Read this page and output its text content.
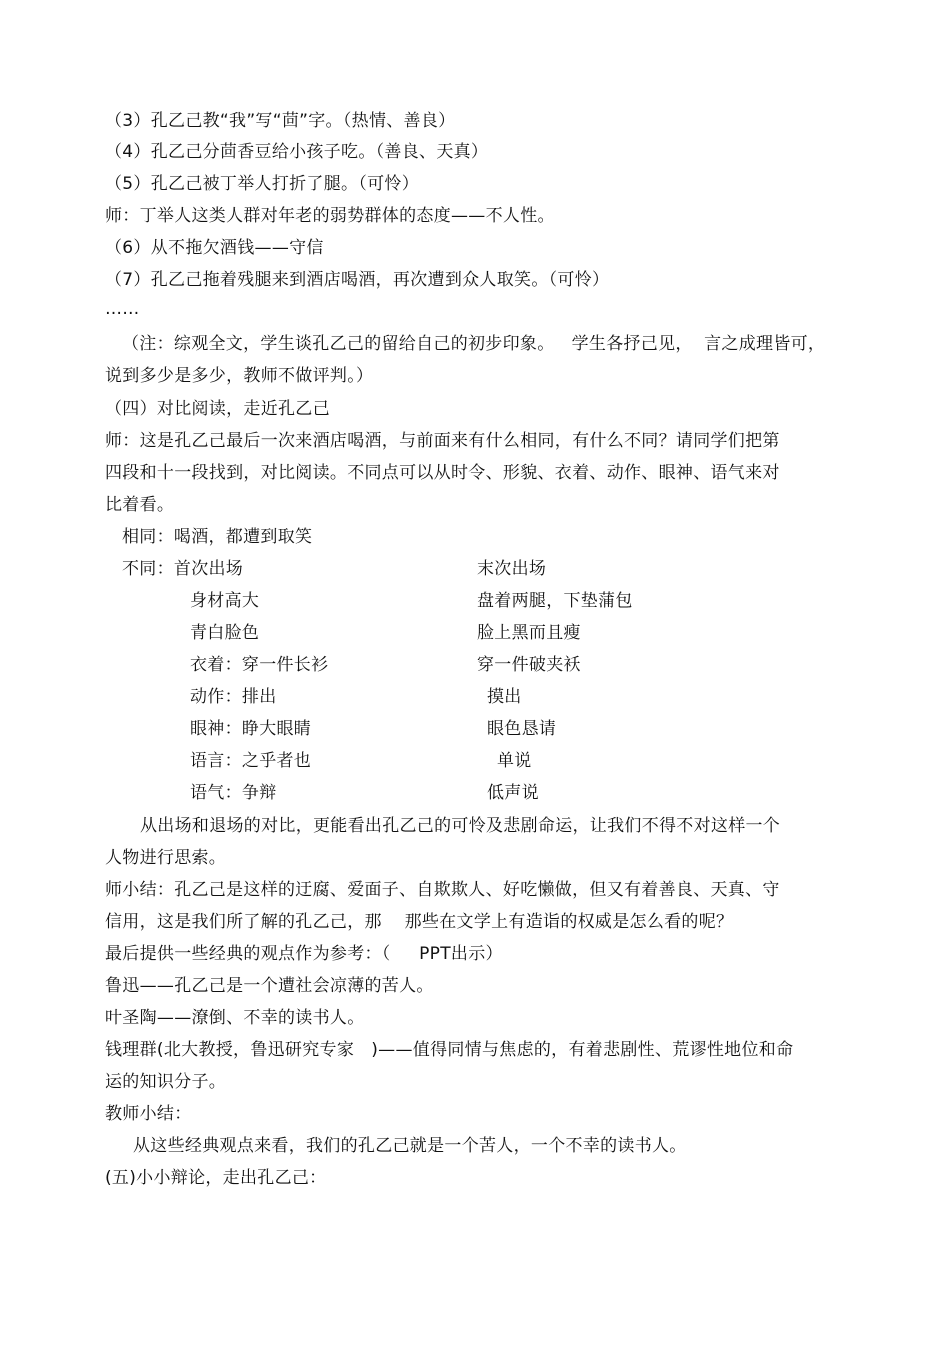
（3）孔乙己教“我”写“茴”字。（热情、善良）
（4）孔乙己分茴香豆给小孩子吃。（善良、天真）
（5）孔乙己被丁举人打折了腿。（可怜）
师：丁举人这类人群对年老的弱势群体的态度——不人性。
（6）从不拖欠酒钱——守信
（7）孔乙己拖着残腿来到酒店喝酒，再次遭到众人取笑。（可怜）
……
（注：综观全文，学生谈孔乙己的留给自己的初步印象。   学生各抒己见，  言之成理皆可，
说到多少是多少，教师不做评判。）
（四）对比阅读，走近孔乙己
师：这是孔乙己最后一次来酒店喝酒，与前面来有什么相同，有什么不同？请同学们把第
四段和十一段找到，对比阅读。不同点可以从时令、形貌、衣着、动作、眼神、语气来对
比着看。
相同：喝酒，都遭到取笑
不同：首次出场	末次出场
身材高大	盘着两腿，下垫蒲包
青白脸色	脸上黑而且瘦
衣着：穿一件长衫	穿一件破夹袄
动作：排出	摸出
眼神：睁大眼睛	眼色恳请
语言：之乎者也	单说
语气：争辩	低声说
从出场和退场的对比，更能看出孔乙己的可怜及悲剧命运，让我们不得不对这样一个
人物进行思索。
师小结：孔乙己是这样的迂腐、爱面子、自欺欺人、好吃懒做，但又有着善良、天真、守
信用，这是我们所了解的孔乙己，那    那些在文学上有造诣的权威是怎么看的呢？
最后提供一些经典的观点作为参考：（     PPT出示）
鲁迅——孔乙己是一个遭社会凉薄的苦人。
叶圣陶——潦倒、不幸的读书人。
钱理群(北大教授，鲁迅研究专家   )——值得同情与焦虑的，有着悲剧性、荒谬性地位和命
运的知识分子。
教师小结：
从这些经典观点来看，我们的孔乙己就是一个苦人，一个不幸的读书人。
(五)小小辩论，走出孔乙己：
